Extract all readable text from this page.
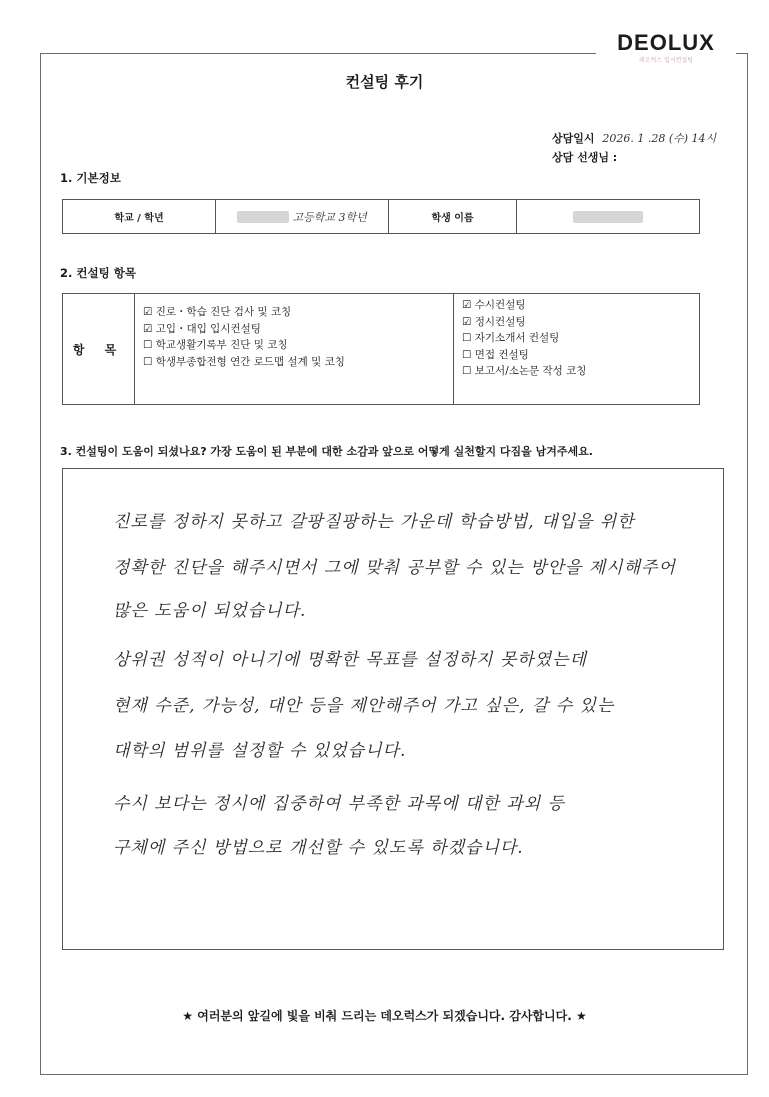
DEOLUX
데오럭스 입시컨설팅
컨설팅 후기
상담일시 2026. 1 .28 (수) 14시
상담 선생님 :
1. 기본정보
학교 / 학년	고등학교 3학년	학생 이름	
2. 컨설팅 항목
항 목	
☑ 진로・학습 진단 검사 및 코칭
☑ 고입・대입 입시컨설팅
☐ 학교생활기록부 진단 및 코칭
☐ 학생부종합전형 연간 로드맵 설계 및 코칭

☑ 수시컨설팅
☑ 정시컨설팅
☐ 자기소개서 컨설팅
☐ 면접 컨설팅
☐ 보고서/소논문 작성 코칭
3. 컨설팅이 도움이 되셨나요? 가장 도움이 된 부분에 대한 소감과 앞으로 어떻게 실천할지 다짐을 남겨주세요.
진로를 정하지 못하고 갈팡질팡하는 가운데 학습방법, 대입을 위한
정확한 진단을 해주시면서 그에 맞춰 공부할 수 있는 방안을 제시해주어
많은 도움이 되었습니다.
상위권 성적이 아니기에 명확한 목표를 설정하지 못하였는데
현재 수준, 가능성, 대안 등을 제안해주어 가고 싶은, 갈 수 있는
대학의 범위를 설정할 수 있었습니다.
수시 보다는 정시에 집중하여 부족한 과목에 대한 과외 등
구체에 주신 방법으로 개선할 수 있도록 하겠습니다.
★ 여러분의 앞길에 빛을 비춰 드리는 데오럭스가 되겠습니다. 감사합니다. ★
